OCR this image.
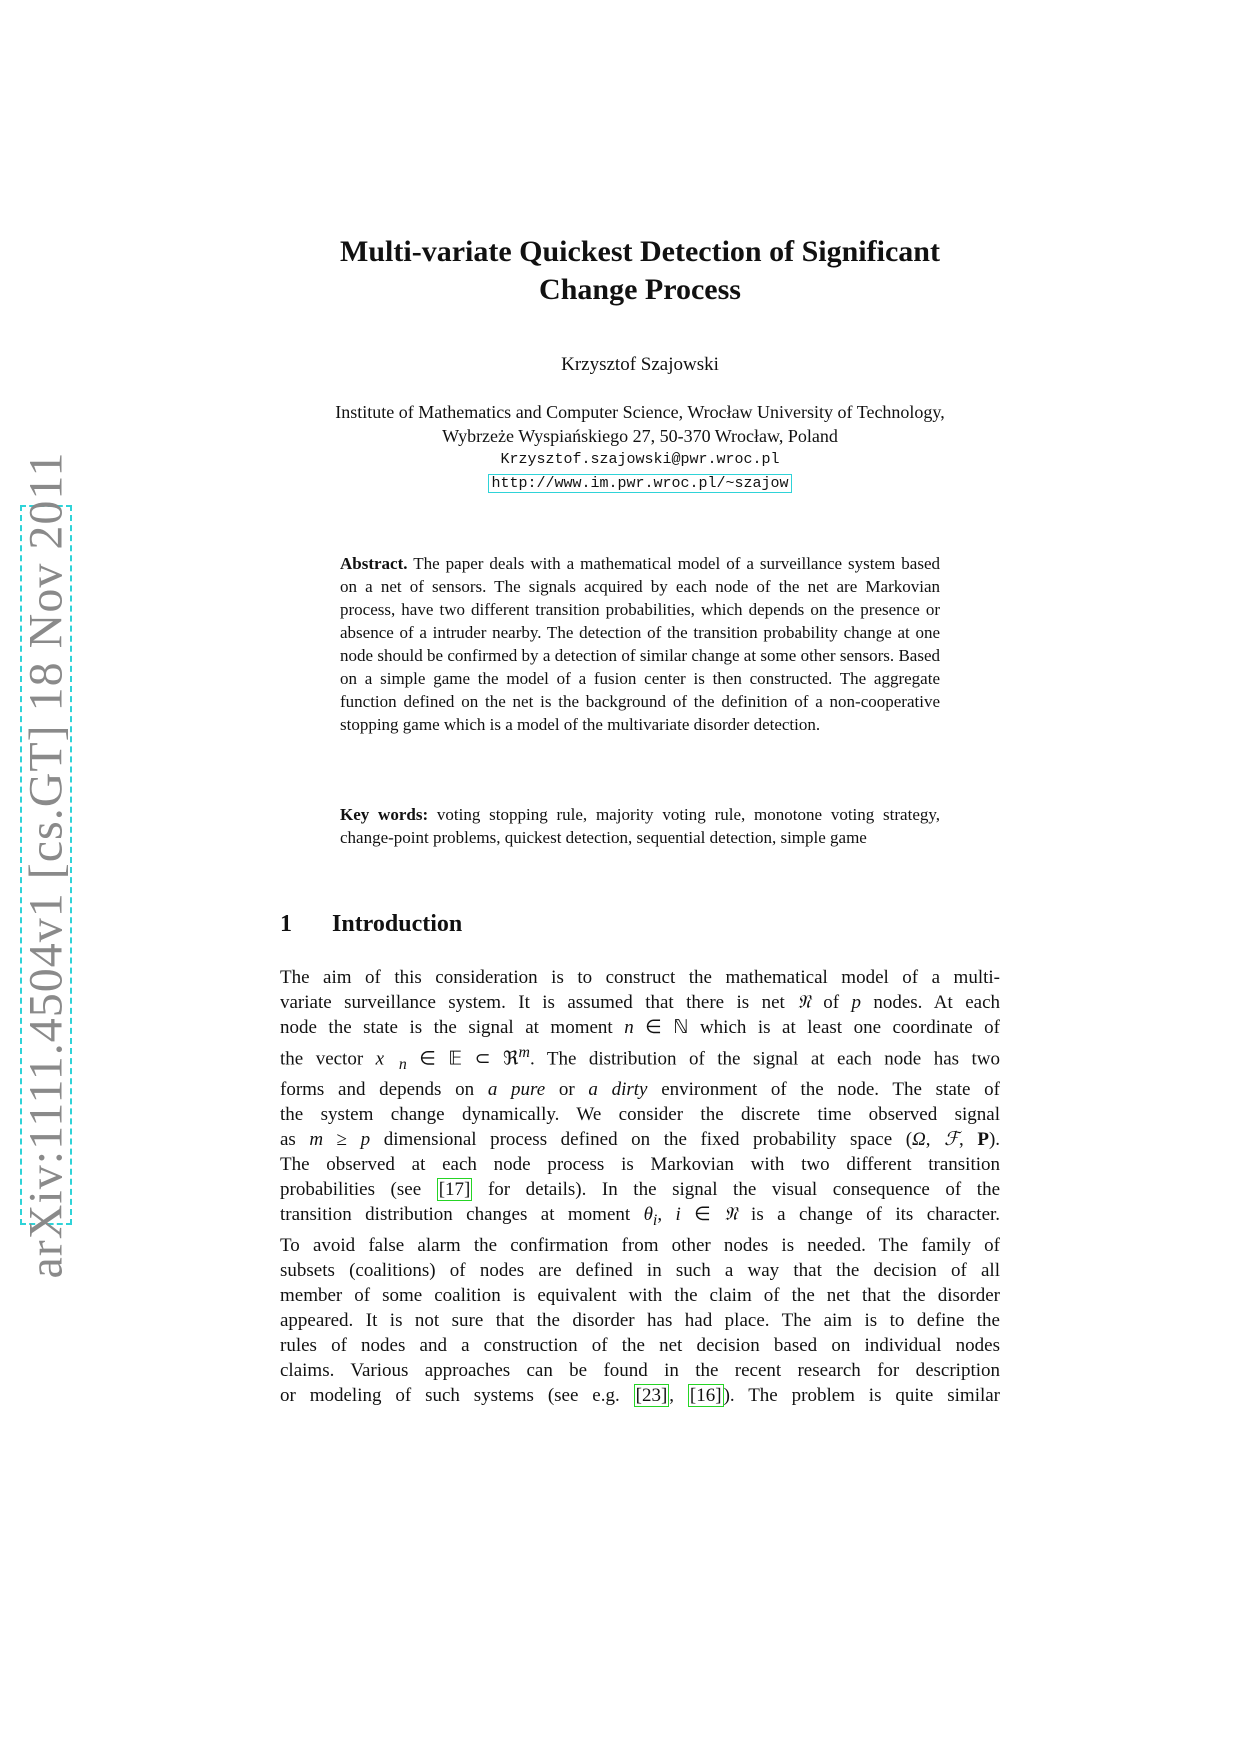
arXiv:1111.4504v1 [cs.GT] 18 Nov 2011
Multi-variate Quickest Detection of Significant
Change Process
Krzysztof Szajowski
Institute of Mathematics and Computer Science, Wrocław University of Technology,
Wybrzeże Wyspiańskiego 27, 50-370 Wrocław, Poland
Krzysztof.szajowski@pwr.wroc.pl
http://www.im.pwr.wroc.pl/~szajow
Abstract. The paper deals with a mathematical model of a surveillance system based on a net of sensors. The signals acquired by each node of the net are Markovian process, have two different transition probabilities, which depends on the presence or absence of a intruder nearby. The detection of the transition probability change at one node should be confirmed by a detection of similar change at some other sensors. Based on a simple game the model of a fusion center is then constructed. The aggregate function defined on the net is the background of the definition of a non-cooperative stopping game which is a model of the multivariate disorder detection.
Key words: voting stopping rule, majority voting rule, monotone voting strategy, change-point problems, quickest detection, sequential detection, simple game
1 Introduction
The aim of this consideration is to construct the mathematical model of a multi-
variate surveillance system. It is assumed that there is net 𝔑 of p nodes. At each
node the state is the signal at moment n ∈ ℕ which is at least one coordinate of
the vector $x⃗_n$ ∈ 𝔼 ⊂ ℜ$^m$. The distribution of the signal at each node has two
forms and depends on a pure or a dirty environment of the node. The state of
the system change dynamically. We consider the discrete time observed signal
as m ≥ p dimensional process defined on the fixed probability space (Ω, ℱ, P).
The observed at each node process is Markovian with two different transition
probabilities (see [17] for details). In the signal the visual consequence of the
transition distribution changes at moment $\theta_i$, i ∈ 𝔑 is a change of its character.
To avoid false alarm the confirmation from other nodes is needed. The family of
subsets (coalitions) of nodes are defined in such a way that the decision of all
member of some coalition is equivalent with the claim of the net that the disorder
appeared. It is not sure that the disorder has had place. The aim is to define the
rules of nodes and a construction of the net decision based on individual nodes
claims. Various approaches can be found in the recent research for description
or modeling of such systems (see e.g. [23] , [16] ). The problem is quite similar
